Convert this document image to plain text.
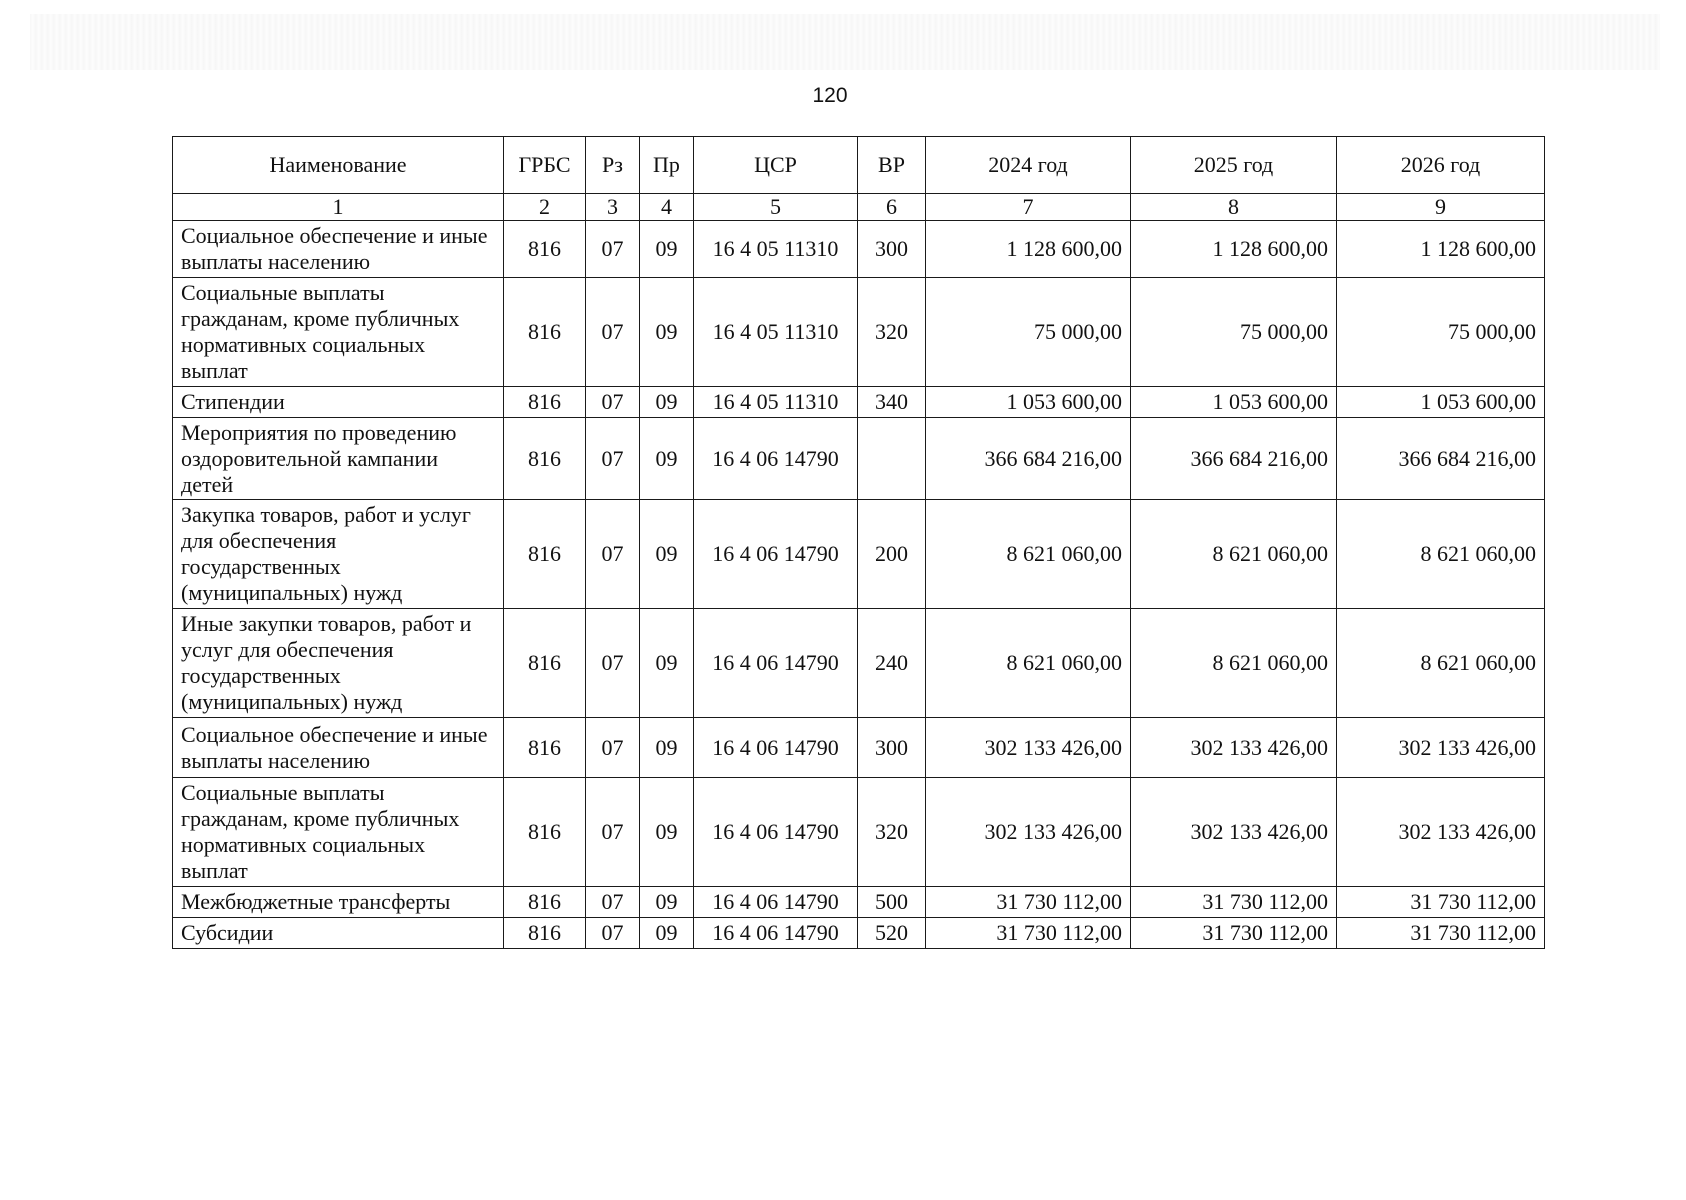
120
Наименование	ГРБС	Рз	Пр	ЦСР	ВР	2024 год	2025 год	2026 год
1	2	3	4	5	6	7	8	9
Социальное обеспечение и иные выплаты населению	816	07	09	16 4 05 11310	300	1 128 600,00	1 128 600,00	1 128 600,00
Социальные выплаты гражданам, кроме публичных нормативных социальных выплат	816	07	09	16 4 05 11310	320	75 000,00	75 000,00	75 000,00
Стипендии	816	07	09	16 4 05 11310	340	1 053 600,00	1 053 600,00	1 053 600,00
Мероприятия по проведению оздоровительной кампании детей	816	07	09	16 4 06 14790		366 684 216,00	366 684 216,00	366 684 216,00
Закупка товаров, работ и услуг для обеспечения государственных (муниципальных) нужд	816	07	09	16 4 06 14790	200	8 621 060,00	8 621 060,00	8 621 060,00
Иные закупки товаров, работ и услуг для обеспечения государственных (муниципальных) нужд	816	07	09	16 4 06 14790	240	8 621 060,00	8 621 060,00	8 621 060,00
Социальное обеспечение и иные выплаты населению	816	07	09	16 4 06 14790	300	302 133 426,00	302 133 426,00	302 133 426,00
Социальные выплаты гражданам, кроме публичных нормативных социальных выплат	816	07	09	16 4 06 14790	320	302 133 426,00	302 133 426,00	302 133 426,00
Межбюджетные трансферты	816	07	09	16 4 06 14790	500	31 730 112,00	31 730 112,00	31 730 112,00
Субсидии	816	07	09	16 4 06 14790	520	31 730 112,00	31 730 112,00	31 730 112,00
